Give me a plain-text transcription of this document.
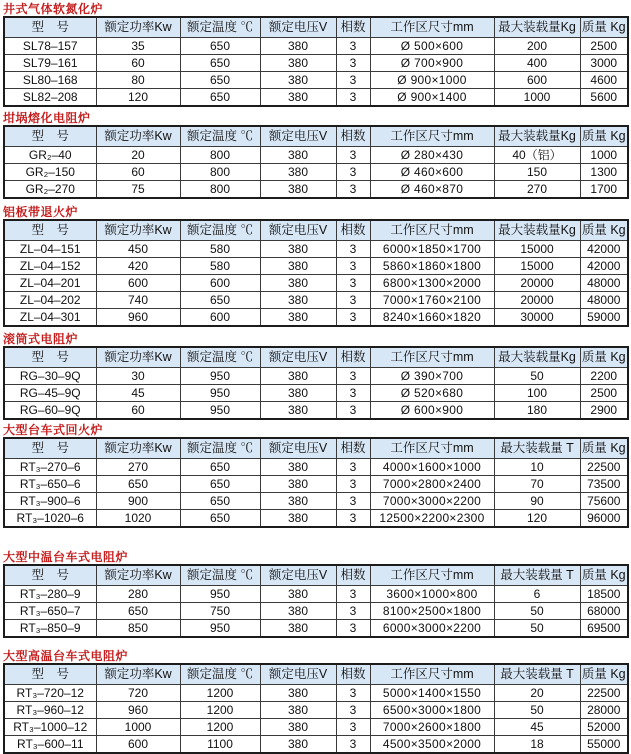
井式气体软氮化炉
型　号	额定功率Kw	额定温度 ℃	额定电压V	相数	工作区尺寸mm	最大装载量Kg	质量 Kg
SL78–157	35	650	380	3	Ø 500×600	200	2500
SL79–161	60	650	380	3	Ø 700×900	400	3000
SL80–168	80	650	380	3	Ø 900×1000	600	4600
SL82–208	120	650	380	3	Ø 900×1400	1000	5600
坩埚熔化电阻炉
型　号	额定功率Kw	额定温度 ℃	额定电压V	相数	工作区尺寸mm	最大装载量Kg	质量 Kg
GR₂–40	20	800	380	3	Ø 280×430	40（铝）	1000
GR₂–150	60	800	380	3	Ø 460×600	150	1300
GR₂–270	75	800	380	3	Ø 460×870	270	1700
铝板带退火炉
型　号	额定功率Kw	额定温度 ℃	额定电压V	相数	工作区尺寸mm	最大装载量Kg	质量 Kg
ZL–04–151	450	580	380	3	6000×1850×1700	15000	42000
ZL–04–152	420	580	380	3	5860×1860×1800	15000	42000
ZL–04–201	600	600	380	3	6800×1300×2000	20000	48000
ZL–04–202	740	650	380	3	7000×1760×2100	20000	48000
ZL–04–301	960	600	380	3	8240×1660×1820	30000	59000
滚筒式电阻炉
型　号	额定功率Kw	额定温度 ℃	额定电压V	相数	工作区尺寸mm	最大装载量Kg	质量 Kg
RG–30–9Q	30	950	380	3	Ø 390×700	50	2200
RG–45–9Q	45	950	380	3	Ø 520×680	100	2500
RG–60–9Q	60	950	380	3	Ø 600×900	180	2900
大型台车式回火炉
型　号	额定功率Kw	额定温度 ℃	额定电压V	相数	工作区尺寸mm	最大装载量 T	质量 Kg
RT₃–270–6	270	650	380	3	4000×1600×1000	10	22500
RT₃–650–6	650	650	380	3	7000×2800×2400	70	73500
RT₃–900–6	900	650	380	3	7000×3000×2200	90	75600
RT₃–1020–6	1020	650	380	3	12500×2200×2300	120	96000
大型中温台车式电阻炉
型　号	额定功率Kw	额定温度 ℃	额定电压V	相数	工作区尺寸mm	最大装载量 T	质量 Kg
RT₃–280–9	280	950	380	3	3600×1000×800	6	18500
RT₃–650–7	650	750	380	3	8100×2500×1800	50	68000
RT₃–850–9	850	950	380	3	6000×3000×2200	50	69500
大型高温台车式电阻炉
型　号	额定功率Kw	额定温度 ℃	额定电压V	相数	工作区尺寸mm	最大装载量 T	质量 Kg
RT₃–720–12	720	1200	380	3	5000×1400×1550	20	22500
RT₃–960–12	960	1200	380	3	6500×3000×1800	50	28000
RT₃–1000–12	1000	1200	380	3	7000×2600×1800	45	52000
RT₃–600–11	600	1100	380	3	4500×3500×2000	18	55000
